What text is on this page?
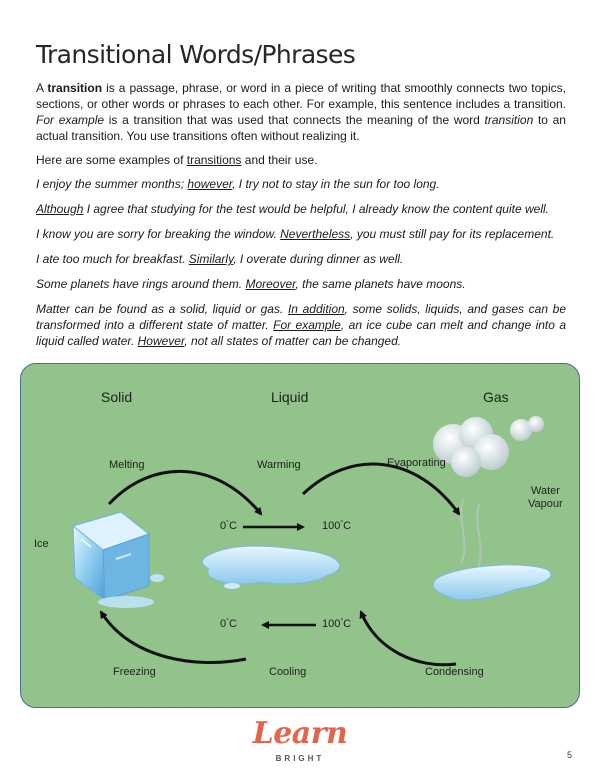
Transitional Words/Phrases

A transition is a passage, phrase, or word in a piece of writing that smoothly connects two topics, sections, or other words or phrases to each other. For example, this sentence includes a transition. For example is a transition that was used that connects the meaning of the word transition to an actual transition. You use transitions often without realizing it.

Here are some examples of transitions and their use.

I enjoy the summer months; however, I try not to stay in the sun for too long.

Although I agree that studying for the test would be helpful, I already know the content quite well.

I know you are sorry for breaking the window. Nevertheless, you must still pay for its replacement.

I ate too much for breakfast. Similarly, I overate during dinner as well.

Some planets have rings around them. Moreover, the same planets have moons.

Matter can be found as a solid, liquid or gas. In addition, some solids, liquids, and gases can be transformed into a different state of matter. For example, an ice cube can melt and change into a liquid called water. However, not all states of matter can be changed.

Solid	Liquid	Gas
Melting	Warming	Evaporating
Water
Vapour
Ice
0°C	100°C
0°C	100°C
Freezing	Cooling	Condensing
Learn
BRIGHT	5
